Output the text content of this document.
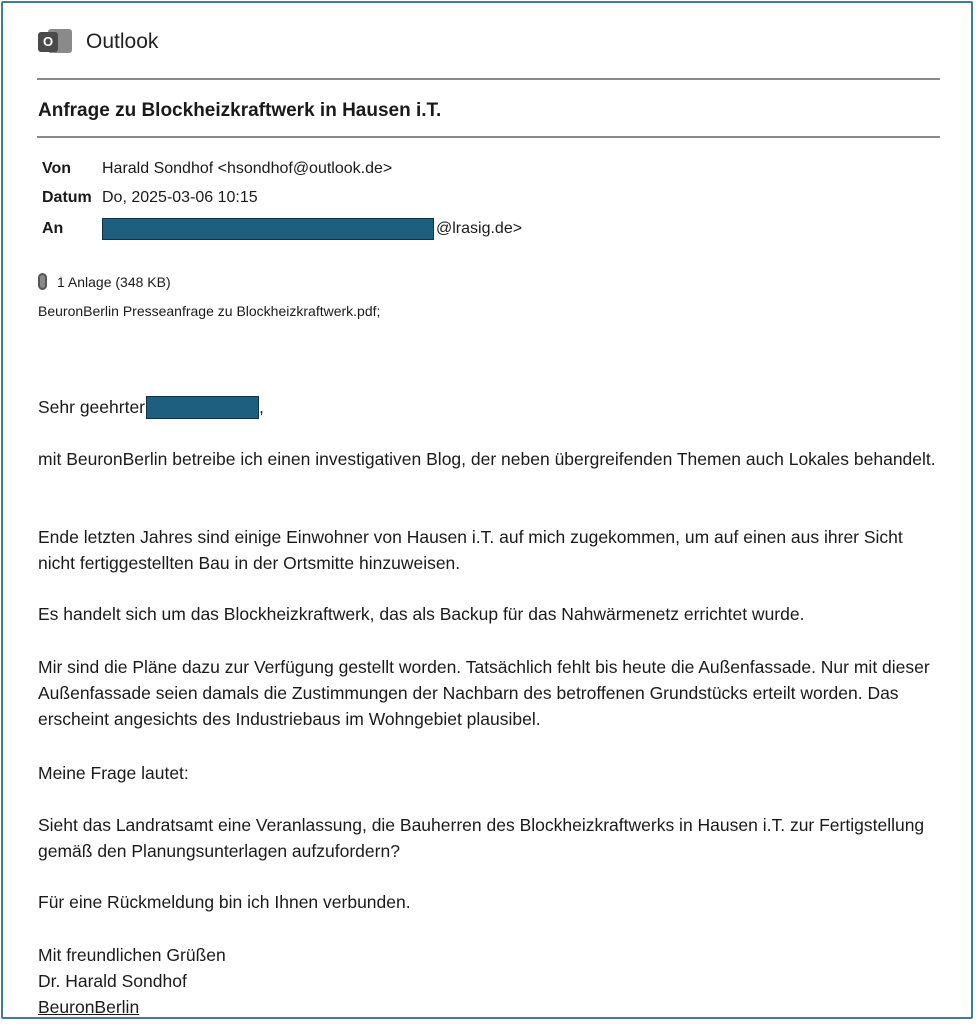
O Outlook
Anfrage zu Blockheizkraftwerk in Hausen i.T.
Von	Harald Sondhof <hsondhof@outlook.de>
Datum Do, 2025-03-06 10:15
An	@lrasig.de>
1 Anlage (348 KB)
BeuronBerlin Presseanfrage zu Blockheizkraftwerk.pdf;
Sehr geehrter	,
mit BeuronBerlin betreibe ich einen investigativen Blog, der neben übergreifenden Themen auch Lokales behandelt.
Ende letzten Jahres sind einige Einwohner von Hausen i.T. auf mich zugekommen, um auf einen aus ihrer Sicht nicht fertiggestellten Bau in der Ortsmitte hinzuweisen.
Es handelt sich um das Blockheizkraftwerk, das als Backup für das Nahwärmenetz errichtet wurde.
Mir sind die Pläne dazu zur Verfügung gestellt worden. Tatsächlich fehlt bis heute die Außenfassade. Nur mit dieser Außenfassade seien damals die Zustimmungen der Nachbarn des betroffenen Grundstücks erteilt worden. Das erscheint angesichts des Industriebaus im Wohngebiet plausibel.
Meine Frage lautet:
Sieht das Landratsamt eine Veranlassung, die Bauherren des Blockheizkraftwerks in Hausen i.T. zur Fertigstellung gemäß den Planungsunterlagen aufzufordern?
Für eine Rückmeldung bin ich Ihnen verbunden.
Mit freundlichen Grüßen
Dr. Harald Sondhof
BeuronBerlin
